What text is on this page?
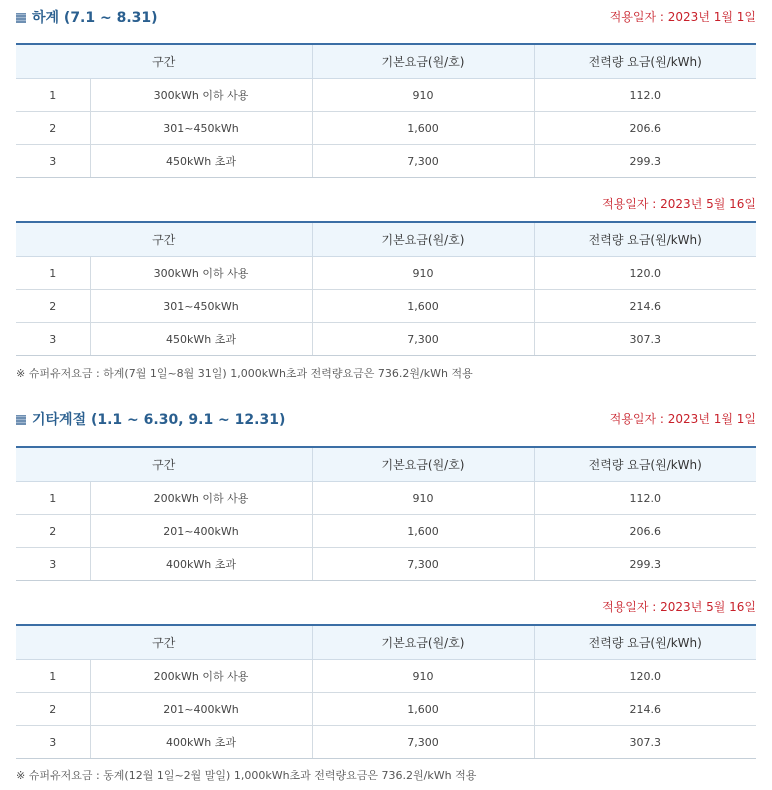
하계 (7.1 ~ 8.31)	적용일자 : 2023년 1월 1일
구간		기본요금(원/호)	전력량 요금(원/kWh)
1	300kWh 이하 사용	910	112.0
2	301~450kWh	1,600	206.6
3	450kWh 초과	7,300	299.3
적용일자 : 2023년 5월 16일
구간		기본요금(원/호)	전력량 요금(원/kWh)
1	300kWh 이하 사용	910	120.0
2	301~450kWh	1,600	214.6
3	450kWh 초과	7,300	307.3
※ 슈퍼유저요금 : 하계(7월 1일~8월 31일) 1,000kWh초과 전력량요금은 736.2원/kWh 적용
기타계절 (1.1 ~ 6.30, 9.1 ~ 12.31)	적용일자 : 2023년 1월 1일
구간		기본요금(원/호)	전력량 요금(원/kWh)
1	200kWh 이하 사용	910	112.0
2	201~400kWh	1,600	206.6
3	400kWh 초과	7,300	299.3
적용일자 : 2023년 5월 16일
구간		기본요금(원/호)	전력량 요금(원/kWh)
1	200kWh 이하 사용	910	120.0
2	201~400kWh	1,600	214.6
3	400kWh 초과	7,300	307.3
※ 슈퍼유저요금 : 동계(12월 1일~2월 말일) 1,000kWh초과 전력량요금은 736.2원/kWh 적용
